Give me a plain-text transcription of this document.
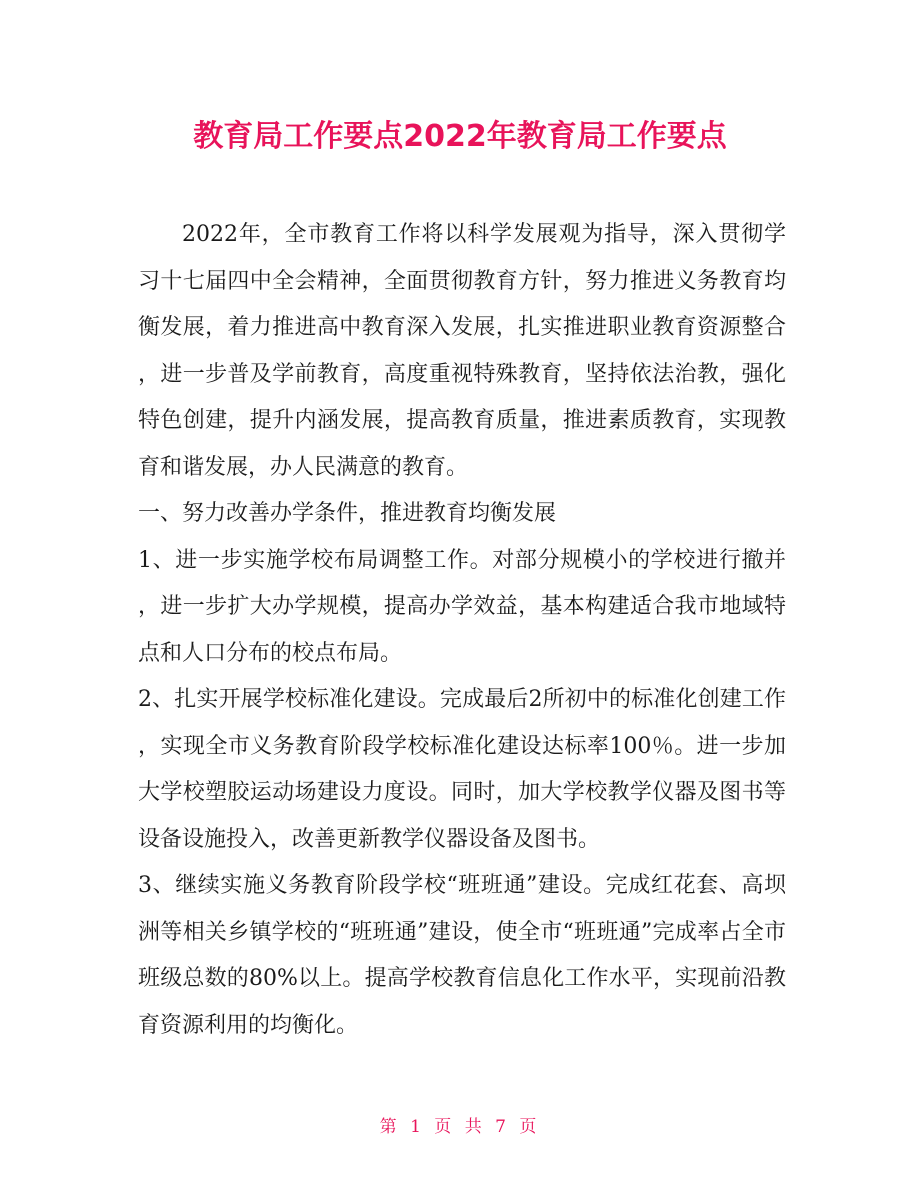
教育局工作要点2022年教育局工作要点

2022年，全市教育工作将以科学发展观为指导，深入贯彻学习十七届四中全会精神，全面贯彻教育方针，努力推进义务教育均衡发展，着力推进高中教育深入发展，扎实推进职业教育资源整合，进一步普及学前教育，高度重视特殊教育，坚持依法治教，强化特色创建，提升内涵发展，提高教育质量，推进素质教育，实现教育和谐发展，办人民满意的教育。

一、努力改善办学条件，推进教育均衡发展

1、进一步实施学校布局调整工作。对部分规模小的学校进行撤并，进一步扩大办学规模，提高办学效益，基本构建适合我市地域特点和人口分布的校点布局。

2、扎实开展学校标准化建设。完成最后2所初中的标准化创建工作，实现全市义务教育阶段学校标准化建设达标率100％。进一步加大学校塑胶运动场建设力度设。同时，加大学校教学仪器及图书等设备设施投入，改善更新教学仪器设备及图书。

3、继续实施义务教育阶段学校“班班通”建设。完成红花套、高坝洲等相关乡镇学校的“班班通”建设，使全市“班班通”完成率占全市班级总数的80%以上。提高学校教育信息化工作水平，实现前沿教育资源利用的均衡化。

第 1 页 共 7 页
